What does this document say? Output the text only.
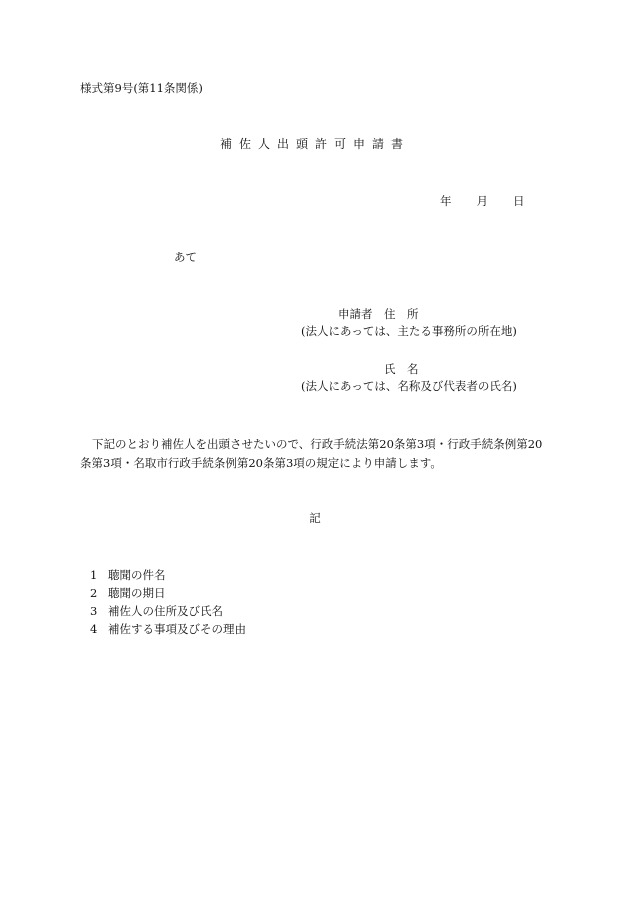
様式第9号(第11条関係)
補佐人出頭許可申請書
年 月 日
あて
申請者　住　所
(法人にあっては、主たる事務所の所在地)
氏　名
(法人にあっては、名称及び代表者の氏名)
下記のとおり補佐人を出頭させたいので、行政手続法第20条第3項・行政手続条例第20条第3項・名取市行政手続条例第20条第3項の規定により申請します。
記
1 聴聞の件名
2 聴聞の期日
3 補佐人の住所及び氏名
4 補佐する事項及びその理由
